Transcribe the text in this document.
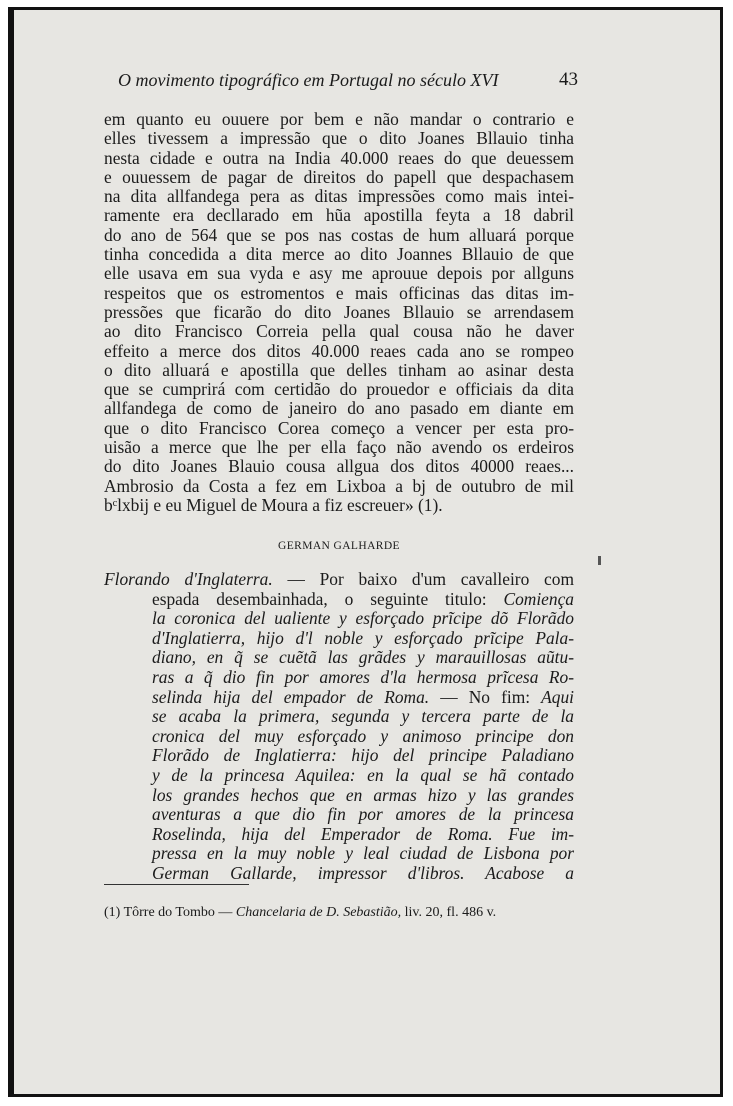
O movimento tipográfico em Portugal no século XVI	43
em quanto eu ouuere por bem e não mandar o contrario e
elles tivessem a impressão que o dito Joanes Bllauio tinha
nesta cidade e outra na India 40.000 reaes do que deuessem
e ouuessem de pagar de direitos do papell que despachasem
na dita allfandega pera as ditas impressões como mais intei-
ramente era decllarado em hũa apostilla feyta a 18 dabril
do ano de 564 que se pos nas costas de hum alluará porque
tinha concedida a dita merce ao dito Joannes Bllauio de que
elle usava em sua vyda e asy me aprouue depois por allguns
respeitos que os estromentos e mais officinas das ditas im-
pressões que ficarão do dito Joanes Bllauio se arrendasem
ao dito Francisco Correia pella qual cousa não he daver
effeito a merce dos ditos 40.000 reaes cada ano se rompeo
o dito alluará e apostilla que delles tinham ao asinar desta
que se cumprirá com certidão do prouedor e officiais da dita
allfandega de como de janeiro do ano pasado em diante em
que o dito Francisco Corea começo a vencer per esta pro-
uisão a merce que lhe per ella faço não avendo os erdeiros
do dito Joanes Blauio cousa allgua dos ditos 40000 reaes...
Ambrosio da Costa a fez em Lixboa a bj de outubro de mil
bᶜlxbij e eu Miguel de Moura a fiz escreuer» (1).
GERMAN GALHARDE
Florando d'Inglaterra. — Por baixo d'um cavalleiro com
espada desembainhada, o seguinte titulo: Comiença
la coronica del ualiente y esforçado prĩcipe dõ Florãdo
d'Inglatierra, hijo d'l noble y esforçado prĩcipe Pala-
diano, en q̃ se cuẽtã las grãdes y marauillosas aũtu-
ras a q̃ dio fin por amores d'la hermosa prĩcesa Ro-
selinda hija del empador de Roma. — No fim: Aqui
se acaba la primera, segunda y tercera parte de la
cronica del muy esforçado y animoso principe don
Florãdo de Inglatierra: hijo del principe Paladiano
y de la princesa Aquilea: en la qual se hã contado
los grandes hechos que en armas hizo y las grandes
aventuras a que dio fin por amores de la princesa
Roselinda, hija del Emperador de Roma. Fue im-
pressa en la muy noble y leal ciudad de Lisbona por
German Gallarde, impressor d'libros. Acabose a
(1) Tôrre do Tombo — Chancelaria de D. Sebastião, liv. 20, fl. 486 v.
